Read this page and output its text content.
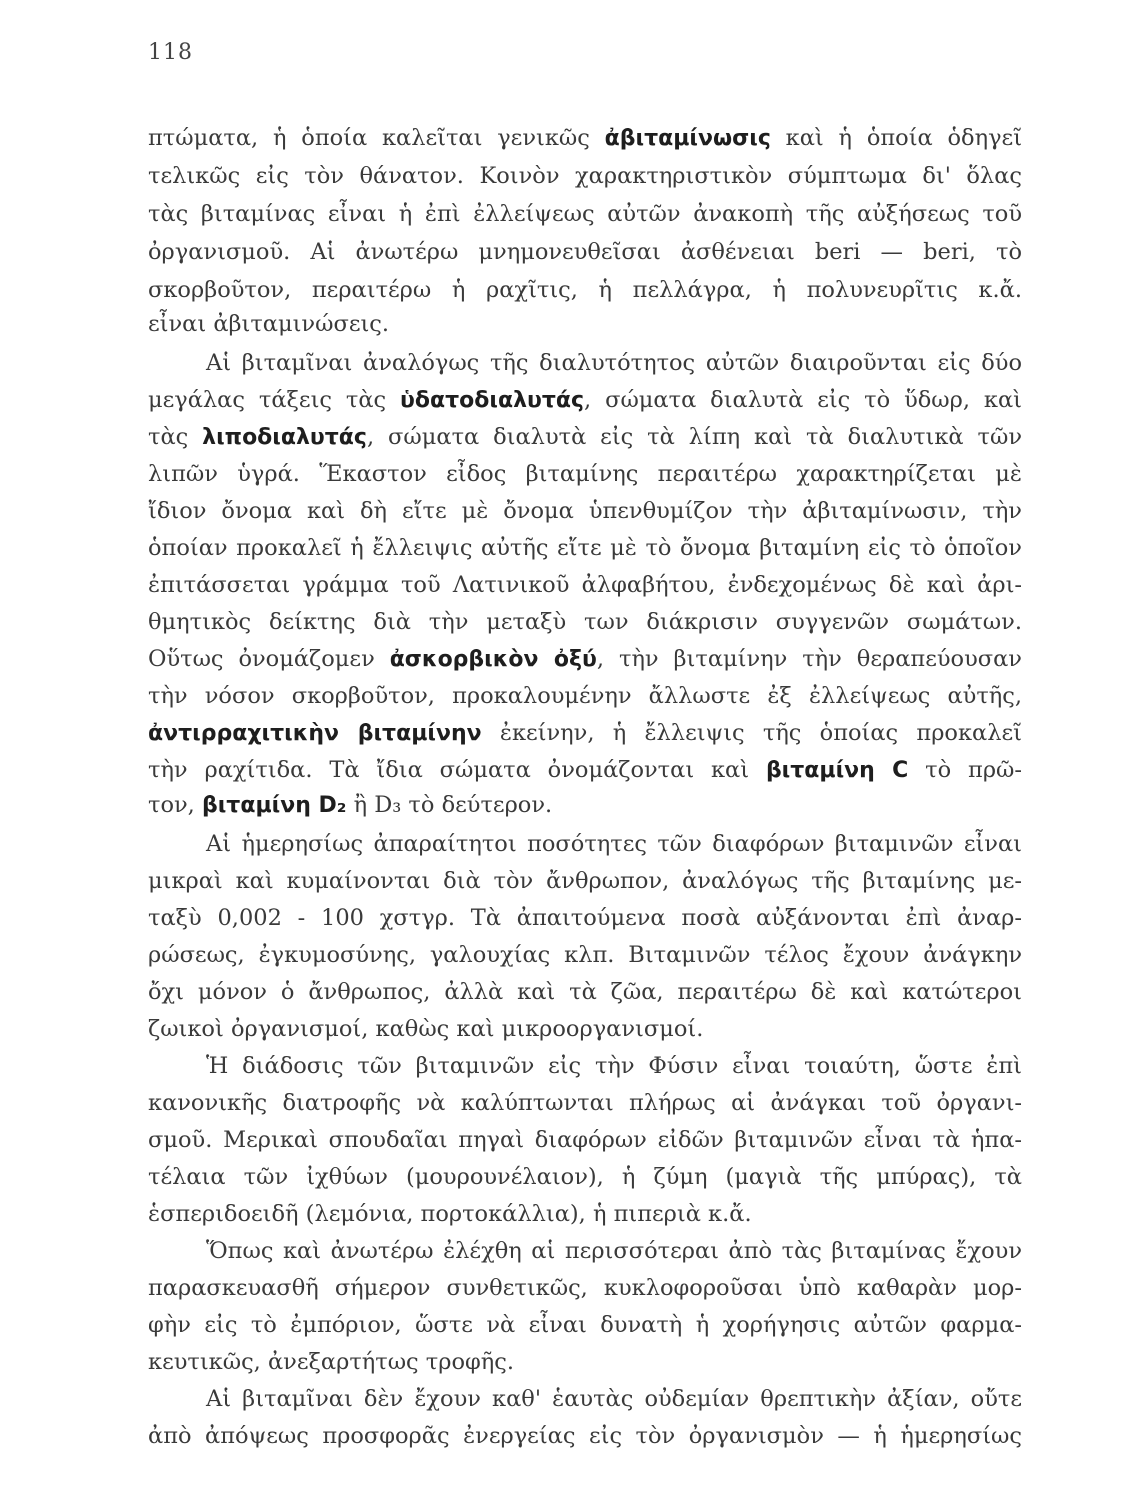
118
πτώματα, ἡ ὁποία καλεῖται γενικῶς ἀβιταμίνωσις καὶ ἡ ὁποία ὁδηγεῖ
τελικῶς εἰς τὸν θάνατον. Κοινὸν χαρακτηριστικὸν σύμπτωμα δι' ὅλας
τὰς βιταμίνας εἶναι ἡ ἐπὶ ἐλλείψεως αὐτῶν ἀνακοπὴ τῆς αὐξήσεως τοῦ
ὀργανισμοῦ. Αἱ ἀνωτέρω μνημονευθεῖσαι ἀσθένειαι beri — beri, τὸ
σκορβοῦτον, περαιτέρω ἡ ραχῖτις, ἡ πελλάγρα, ἡ πολυνευρῖτις κ.ἄ.
εἶναι ἀβιταμινώσεις.
Αἱ βιταμῖναι ἀναλόγως τῆς διαλυτότητος αὐτῶν διαιροῦνται εἰς δύο
μεγάλας τάξεις τὰς ὑδατοδιαλυτάς, σώματα διαλυτὰ εἰς τὸ ὕδωρ, καὶ
τὰς λιποδιαλυτάς, σώματα διαλυτὰ εἰς τὰ λίπη καὶ τὰ διαλυτικὰ τῶν
λιπῶν ὑγρά. Ἕκαστον εἶδος βιταμίνης περαιτέρω χαρακτηρίζεται μὲ
ἴδιον ὄνομα καὶ δὴ εἴτε μὲ ὄνομα ὑπενθυμίζον τὴν ἀβιταμίνωσιν, τὴν
ὁποίαν προκαλεῖ ἡ ἔλλειψις αὐτῆς εἴτε μὲ τὸ ὄνομα βιταμίνη εἰς τὸ ὁποῖον
ἐπιτάσσεται γράμμα τοῦ Λατινικοῦ ἀλφαβήτου, ἐνδεχομένως δὲ καὶ ἀρι-
θμητικὸς δείκτης διὰ τὴν μεταξὺ των διάκρισιν συγγενῶν σωμάτων.
Οὕτως ὀνομάζομεν ἀσκορβικὸν ὀξύ, τὴν βιταμίνην τὴν θεραπεύουσαν
τὴν νόσον σκορβοῦτον, προκαλουμένην ἄλλωστε ἐξ ἐλλείψεως αὐτῆς,
ἀντιρραχιτικὴν βιταμίνην ἐκείνην, ἡ ἔλλειψις τῆς ὁποίας προκαλεῖ
τὴν ραχίτιδα. Τὰ ἴδια σώματα ὀνομάζονται καὶ βιταμίνη C τὸ πρῶ-
τον, βιταμίνη D₂ ἢ D₃ τὸ δεύτερον.
Αἱ ἡμερησίως ἀπαραίτητοι ποσότητες τῶν διαφόρων βιταμινῶν εἶναι
μικραὶ καὶ κυμαίνονται διὰ τὸν ἄνθρωπον, ἀναλόγως τῆς βιταμίνης με-
ταξὺ 0,002 - 100 χστγρ. Τὰ ἀπαιτούμενα ποσὰ αὐξάνονται ἐπὶ ἀναρ-
ρώσεως, ἐγκυμοσύνης, γαλουχίας κλπ. Βιταμινῶν τέλος ἔχουν ἀνάγκην
ὄχι μόνον ὁ ἄνθρωπος, ἀλλὰ καὶ τὰ ζῶα, περαιτέρω δὲ καὶ κατώτεροι
ζωικοὶ ὀργανισμοί, καθὼς καὶ μικροοργανισμοί.
Ἡ διάδοσις τῶν βιταμινῶν εἰς τὴν Φύσιν εἶναι τοιαύτη, ὥστε ἐπὶ
κανονικῆς διατροφῆς νὰ καλύπτωνται πλήρως αἱ ἀνάγκαι τοῦ ὀργανι-
σμοῦ. Μερικαὶ σπουδαῖαι πηγαὶ διαφόρων εἰδῶν βιταμινῶν εἶναι τὰ ἡπα-
τέλαια τῶν ἰχθύων (μουρουνέλαιον), ἡ ζύμη (μαγιὰ τῆς μπύρας), τὰ
ἑσπεριδοειδῆ (λεμόνια, πορτοκάλλια), ἡ πιπεριὰ κ.ἄ.
Ὅπως καὶ ἀνωτέρω ἐλέχθη αἱ περισσότεραι ἀπὸ τὰς βιταμίνας ἔχουν
παρασκευασθῆ σήμερον συνθετικῶς, κυκλοφοροῦσαι ὑπὸ καθαρὰν μορ-
φὴν εἰς τὸ ἐμπόριον, ὥστε νὰ εἶναι δυνατὴ ἡ χορήγησις αὐτῶν φαρμα-
κευτικῶς, ἀνεξαρτήτως τροφῆς.
Αἱ βιταμῖναι δὲν ἔχουν καθ' ἑαυτὰς οὐδεμίαν θρεπτικὴν ἀξίαν, οὔτε
ἀπὸ ἀπόψεως προσφορᾶς ἐνεργείας εἰς τὸν ὀργανισμὸν — ἡ ἡμερησίως
